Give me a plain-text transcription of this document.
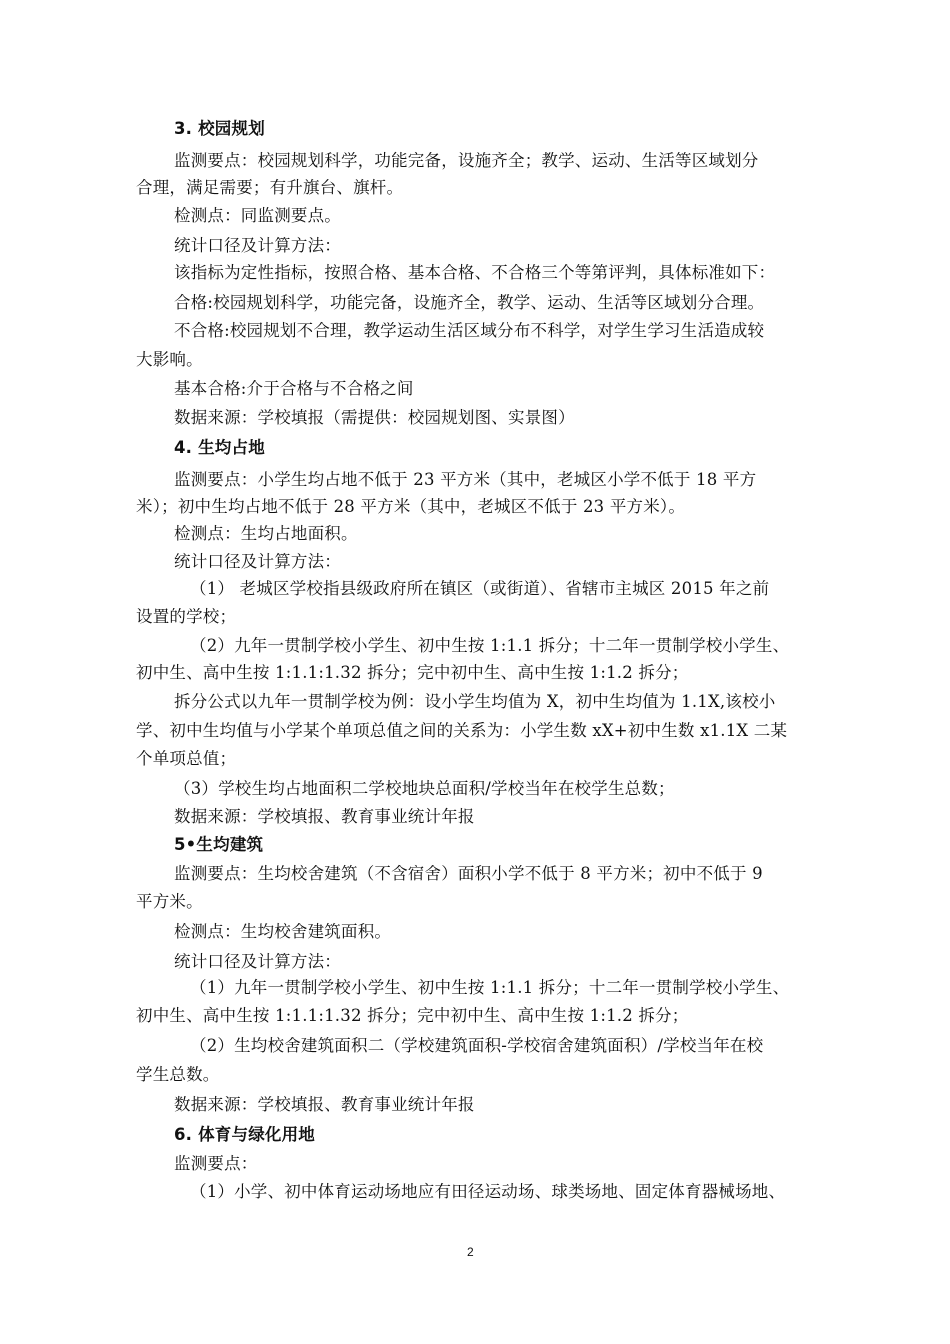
3. 校园规划
监测要点：校园规划科学，功能完备，设施齐全；教学、运动、生活等区域划分
合理，满足需要；有升旗台、旗杆。
检测点：同监测要点。
统计口径及计算方法：
该指标为定性指标，按照合格、基本合格、不合格三个等第评判，具体标准如下：
合格:校园规划科学，功能完备，设施齐全，教学、运动、生活等区域划分合理。
不合格:校园规划不合理，教学运动生活区域分布不科学，对学生学习生活造成较
大影响。
基本合格:介于合格与不合格之间
数据来源：学校填报（需提供：校园规划图、实景图）
4. 生均占地
监测要点：小学生均占地不低于 23 平方米（其中，老城区小学不低于 18 平方
米）；初中生均占地不低于 28 平方米（其中，老城区不低于 23 平方米）。
检测点：生均占地面积。
统计口径及计算方法：
（1） 老城区学校指县级政府所在镇区（或街道）、省辖市主城区 2015 年之前
设置的学校；
（2）九年一贯制学校小学生、初中生按 1:1.1 拆分；十二年一贯制学校小学生、
初中生、高中生按 1:1.1:1.32 拆分；完中初中生、高中生按 1:1.2 拆分；
拆分公式以九年一贯制学校为例：设小学生均值为 X，初中生均值为 1.1X,该校小
学、初中生均值与小学某个单项总值之间的关系为：小学生数 xX+初中生数 x1.1X 二某
个单项总值；
（3）学校生均占地面积二学校地块总面积/学校当年在校学生总数；
数据来源：学校填报、教育事业统计年报
5•生均建筑
监测要点：生均校舍建筑（不含宿舍）面积小学不低于 8 平方米；初中不低于 9
平方米。
检测点：生均校舍建筑面积。
统计口径及计算方法：
（1）九年一贯制学校小学生、初中生按 1:1.1 拆分；十二年一贯制学校小学生、
初中生、高中生按 1:1.1:1.32 拆分；完中初中生、高中生按 1:1.2 拆分；
（2）生均校舍建筑面积二（学校建筑面积-学校宿舍建筑面积）/学校当年在校
学生总数。
数据来源：学校填报、教育事业统计年报
6. 体育与绿化用地
监测要点：
（1）小学、初中体育运动场地应有田径运动场、球类场地、固定体育器械场地、
2
